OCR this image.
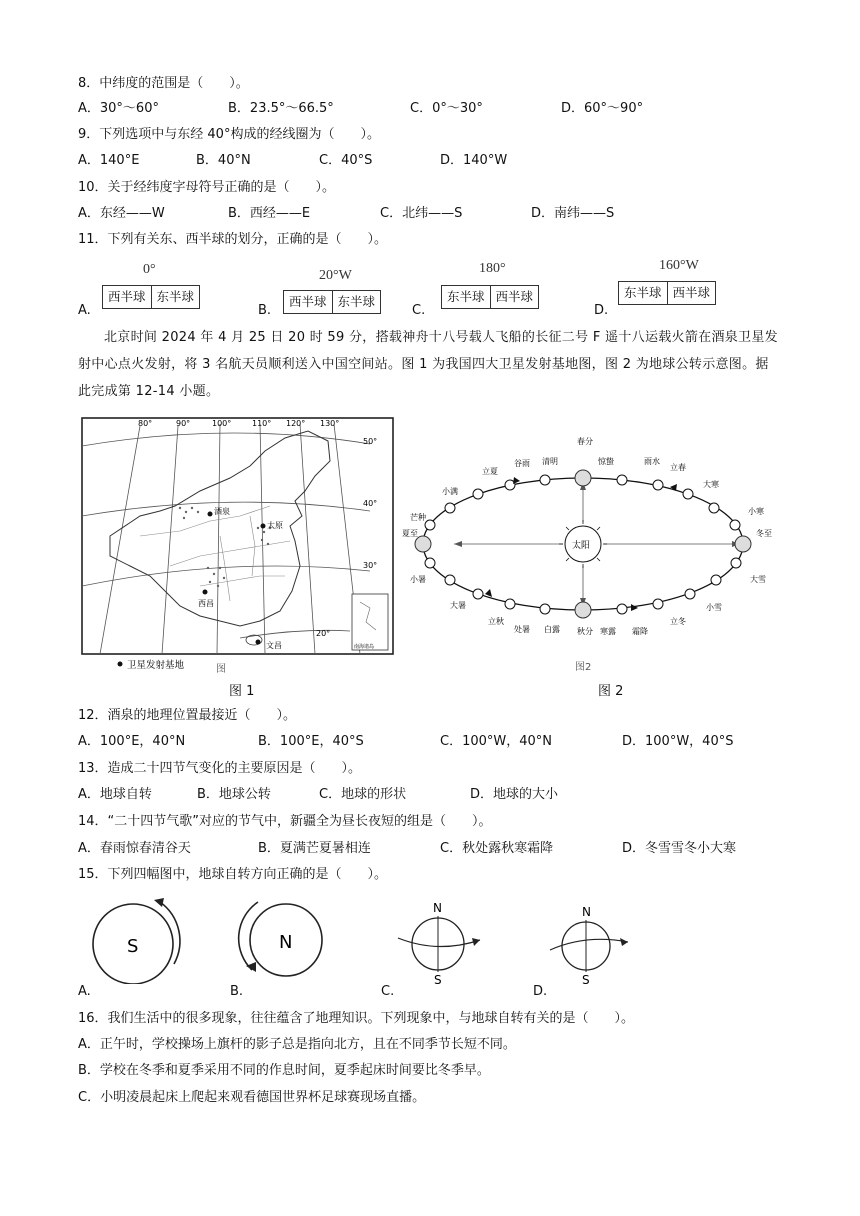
8．中纬度的范围是（　　）。
A．30°～60°	B．23.5°～66.5°	C．0°～30°	D．60°～90°
9．下列选项中与东经 40°构成的经线圈为（　　）。
A．140°E	B．40°N	C．40°S	D．140°W
10．关于经纬度字母符号正确的是（　　）。
A．东经——W	B．西经——E	C．北纬——S	D．南纬——S
11．下列有关东、西半球的划分，正确的是（　　）。
A.
0°
西半球 东半球
B.
20°W
西半球 东半球
C.
180°
东半球 西半球
D.
160°W
东半球 西半球
北京时间 2024 年 4 月 25 日 20 时 59 分，搭载神舟十八号载人飞船的长征二号 F 遥十八运载火箭在酒泉卫星发射中心点火发射，将 3 名航天员顺利送入中国空间站。图 1 为我国四大卫星发射基地图，图 2 为地球公转示意图。据此完成第 12-14 小题。
南海诸岛
80°	90°	100°	110° 120° 130°
50°
40°
30°
20°
酒泉
太原
西昌
文昌
卫星发射基地	图
图 1
太阳
春分
惊蛰	雨水
立春
大寒
小寒
冬至
大雪
小雪
立冬
霜降
寒露
秋分
白露
处暑
立秋
大暑
小暑
夏至
芒种
小满
立夏
谷雨 清明
图2
图 2
12．酒泉的地理位置最接近（　　）。
A．100°E，40°N	B．100°E，40°S	C．100°W，40°N	D．100°W，40°S
13．造成二十四节气变化的主要原因是（　　）。
A．地球自转	B．地球公转	C．地球的形状	D．地球的大小
14．“二十四节气歌”对应的节气中，新疆全为昼长夜短的组是（　　）。
A．春雨惊春清谷天	B．夏满芒夏暑相连	C．秋处露秋寒霜降	D．冬雪雪冬小大寒
15．下列四幅图中，地球自转方向正确的是（　　）。
S
A.
N
B.
N
S
C.
N
S
D.
16．我们生活中的很多现象，往往蕴含了地理知识。下列现象中，与地球自转有关的是（　　）。
A．正午时，学校操场上旗杆的影子总是指向北方，且在不同季节长短不同。
B．学校在冬季和夏季采用不同的作息时间，夏季起床时间要比冬季早。
C．小明凌晨起床上爬起来观看德国世界杯足球赛现场直播。
